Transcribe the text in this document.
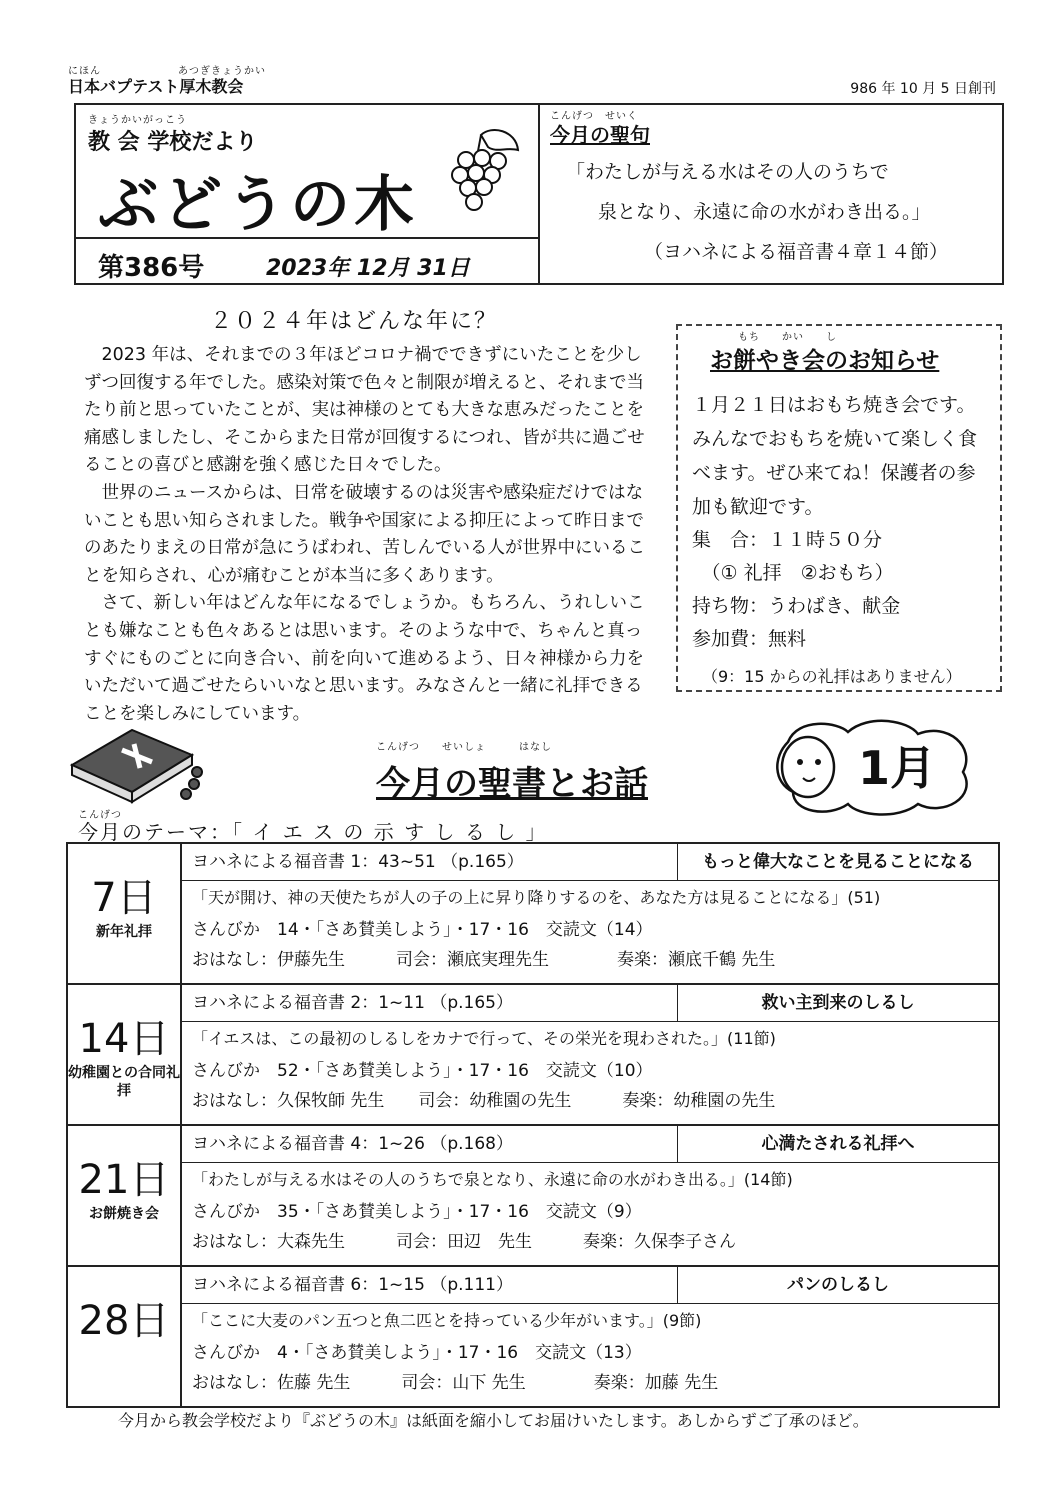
にほん　　　　　　　あつぎきょうかい
日本バプテスト厚木教会	986 年 10 月 5 日創刊
きょうかいがっこう
教 会 学校だより
ぶどうの木
第386号	2023年 12月 31日
こんげつ　せいく
今月の聖句
「わたしが与える水はその人のうちで
泉となり、永遠に命の水がわき出る。」
（ヨハネによる福音書４章１４節）
２０２４年はどんな年に？

2023 年は、それまでの３年ほどコロナ禍でできずにいたことを少しずつ回復する年でした。感染対策で色々と制限が増えると、それまで当たり前と思っていたことが、実は神様のとても大きな恵みだったことを痛感しましたし、そこからまた日常が回復するにつれ、皆が共に過ごせることの喜びと感謝を強く感じた日々でした。

世界のニュースからは、日常を破壊するのは災害や感染症だけではないことも思い知らされました。戦争や国家による抑圧によって昨日までのあたりまえの日常が急にうばわれ、苦しんでいる人が世界中にいることを知らされ、心が痛むことが本当に多くあります。

さて、新しい年はどんな年になるでしょうか。もちろん、うれしいことも嫌なことも色々あるとは思います。そのような中で、ちゃんと真っすぐにものごとに向き合い、前を向いて進めるよう、日々神様から力をいただいて過ごせたらいいなと思います。みなさんと一緒に礼拝できることを楽しみにしています。

もち　　かい　　し
お餅やき会のお知らせ
１月２１日はおもち焼き会です。みんなでおもちを焼いて楽しく食べます。ぜひ来てね！保護者の参加も歓迎です。
集　合：１１時５０分
　（① 礼拝　②おもち）
持ち物：うわばき、献金
参加費：無料
（9：15 からの礼拝はありません）
こんげつ　　せいしょ　　　はなし
今月の聖書とお話	1月
こんげつ
今月のテーマ：「 イ エ ス の 示 す し る し 」
7日
新年礼拝
ヨハネによる福音書 1：43~51 （p.165）	もっと偉大なことを見ることになる
「天が開け、神の天使たちが人の子の上に昇り降りするのを、あなた方は見ることになる」(51)
さんびか　14・「さあ賛美しよう」・17・16　交読文（14）
おはなし：伊藤先生　　　司会：瀬底実理先生　　　　奏楽：瀬底千鶴 先生
14日
幼稚園との合同礼拝
ヨハネによる福音書 2：1~11 （p.165）	救い主到来のしるし
「イエスは、この最初のしるしをカナで行って、その栄光を現わされた。」(11節)
さんびか　52・「さあ賛美しよう」・17・16　交読文（10）
おはなし：久保牧師 先生　　司会：幼稚園の先生　　　奏楽：幼稚園の先生
21日
お餅焼き会
ヨハネによる福音書 4：1~26 （p.168）	心満たされる礼拝へ
「わたしが与える水はその人のうちで泉となり、永遠に命の水がわき出る。」(14節)
さんびか　35・「さあ賛美しよう」・17・16　交読文（9）
おはなし：大森先生　　　司会：田辺　先生　　　奏楽：久保李子さん
28日
ヨハネによる福音書 6：1~15 （p.111）	パンのしるし
「ここに大麦のパン五つと魚二匹とを持っている少年がいます。」(9節)
さんびか　4・「さあ賛美しよう」・17・16　交読文（13）
おはなし：佐藤 先生　　　司会：山下 先生　　　　奏楽：加藤 先生
今月から教会学校だより『ぶどうの木』は紙面を縮小してお届けいたします。あしからずご了承のほど。
